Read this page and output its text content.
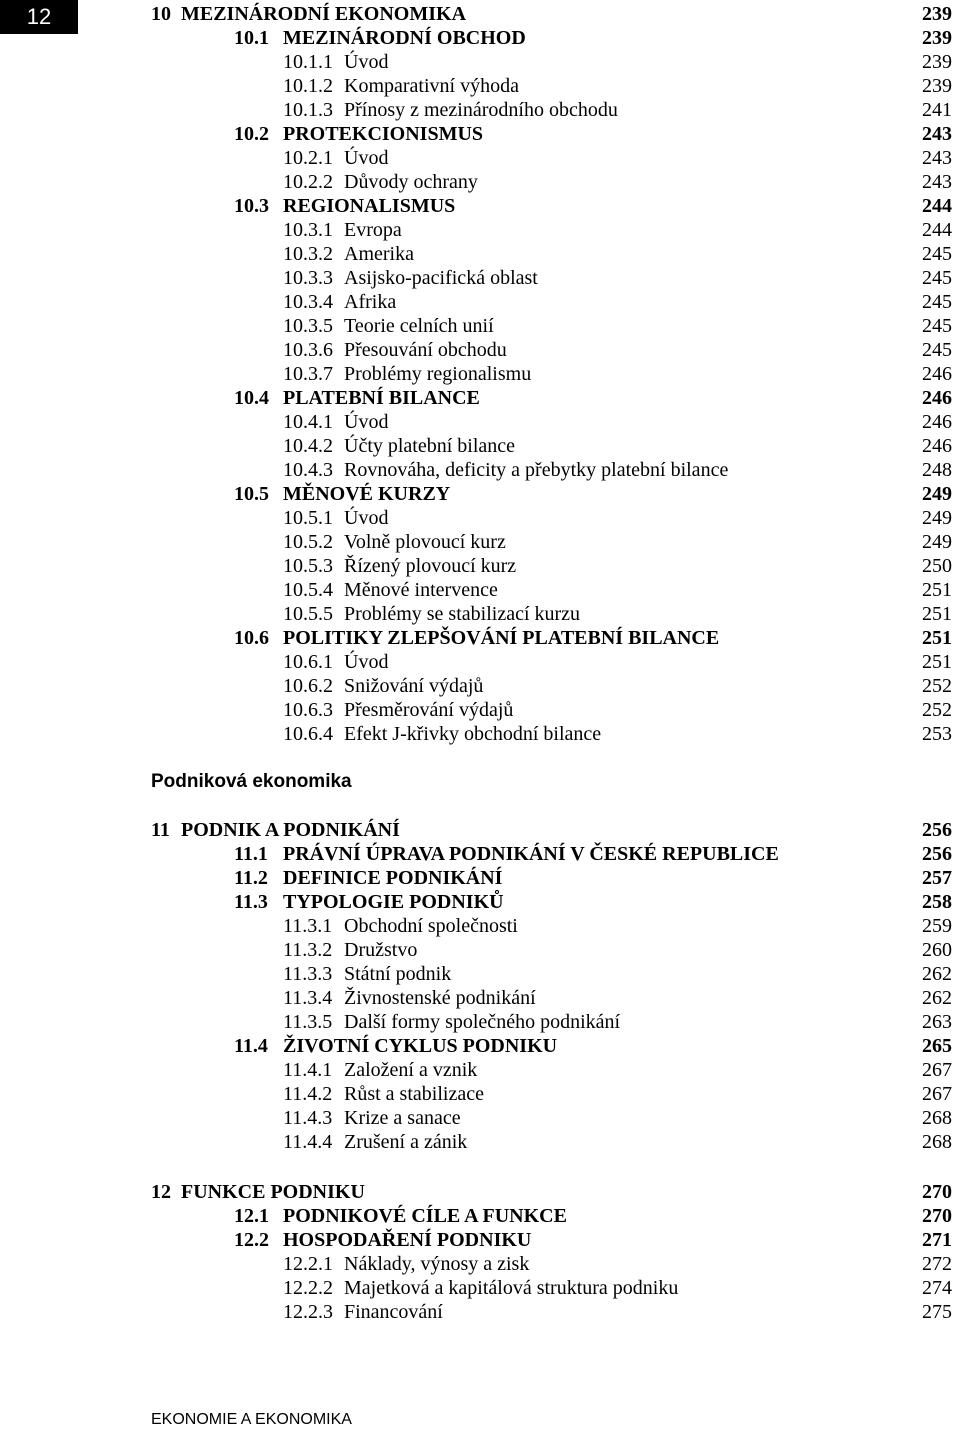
12	10 MEZINÁRODNÍ EKONOMIKA	239
10.1 MEZINÁRODNÍ OBCHOD	239
10.1.1 Úvod	239
10.1.2 Komparativní výhoda	239
10.1.3 Přínosy z mezinárodního obchodu	241
10.2 PROTEKCIONISMUS	243
10.2.1 Úvod	243
10.2.2 Důvody ochrany	243
10.3 REGIONALISMUS	244
10.3.1 Evropa	244
10.3.2 Amerika	245
10.3.3 Asijsko-pacifická oblast	245
10.3.4 Afrika	245
10.3.5 Teorie celních unií	245
10.3.6 Přesouvání obchodu	245
10.3.7 Problémy regionalismu	246
10.4 PLATEBNÍ BILANCE	246
10.4.1 Úvod	246
10.4.2 Účty platební bilance	246
10.4.3 Rovnováha, deficity a přebytky platební bilance	248
10.5 MĚNOVÉ KURZY	249
10.5.1 Úvod	249
10.5.2 Volně plovoucí kurz	249
10.5.3 Řízený plovoucí kurz	250
10.5.4 Měnové intervence	251
10.5.5 Problémy se stabilizací kurzu	251
10.6 POLITIKY ZLEPŠOVÁNÍ PLATEBNÍ BILANCE	251
10.6.1 Úvod	251
10.6.2 Snižování výdajů	252
10.6.3 Přesměrování výdajů	252
10.6.4 Efekt J-křivky obchodní bilance	253
11 PODNIK A PODNIKÁNÍ	256
11.1 PRÁVNÍ ÚPRAVA PODNIKÁNÍ V ČESKÉ REPUBLICE	256
11.2 DEFINICE PODNIKÁNÍ	257
11.3 TYPOLOGIE PODNIKŮ	258
11.3.1 Obchodní společnosti	259
11.3.2 Družstvo	260
11.3.3 Státní podnik	262
11.3.4 Živnostenské podnikání	262
11.3.5 Další formy společného podnikání	263
11.4 ŽIVOTNÍ CYKLUS PODNIKU	265
11.4.1 Založení a vznik	267
11.4.2 Růst a stabilizace	267
11.4.3 Krize a sanace	268
11.4.4 Zrušení a zánik	268
12 FUNKCE PODNIKU	270
12.1 PODNIKOVÉ CÍLE A FUNKCE	270
12.2 HOSPODAŘENÍ PODNIKU	271
12.2.1 Náklady, výnosy a zisk	272
12.2.2 Majetková a kapitálová struktura podniku	274
12.2.3 Financování	275
Podniková ekonomika
EKONOMIE A EKONOMIKA
